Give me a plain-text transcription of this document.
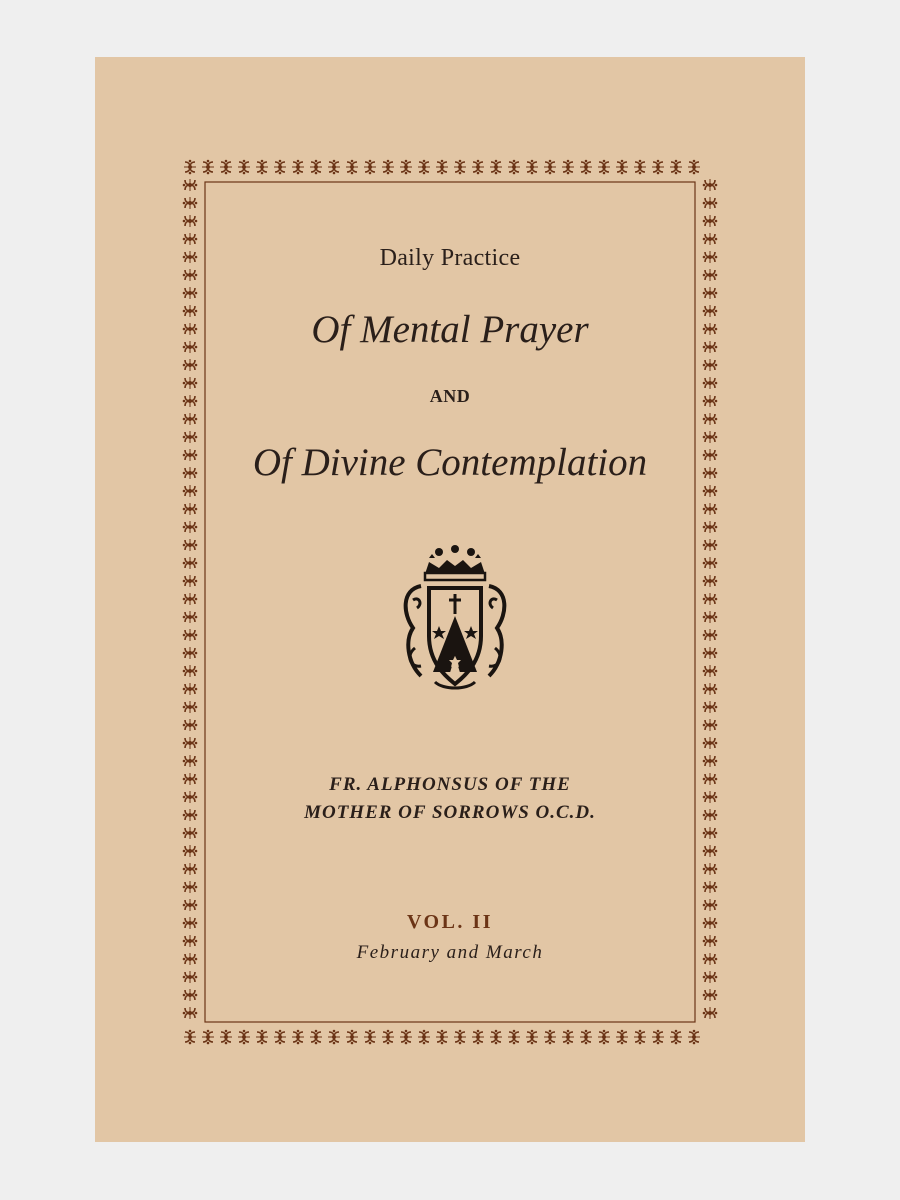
Daily Practice
Of Mental Prayer
AND
Of Divine Contemplation
FR. ALPHONSUS OF THE
MOTHER OF SORROWS O.C.D.
VOL. II
February and March
